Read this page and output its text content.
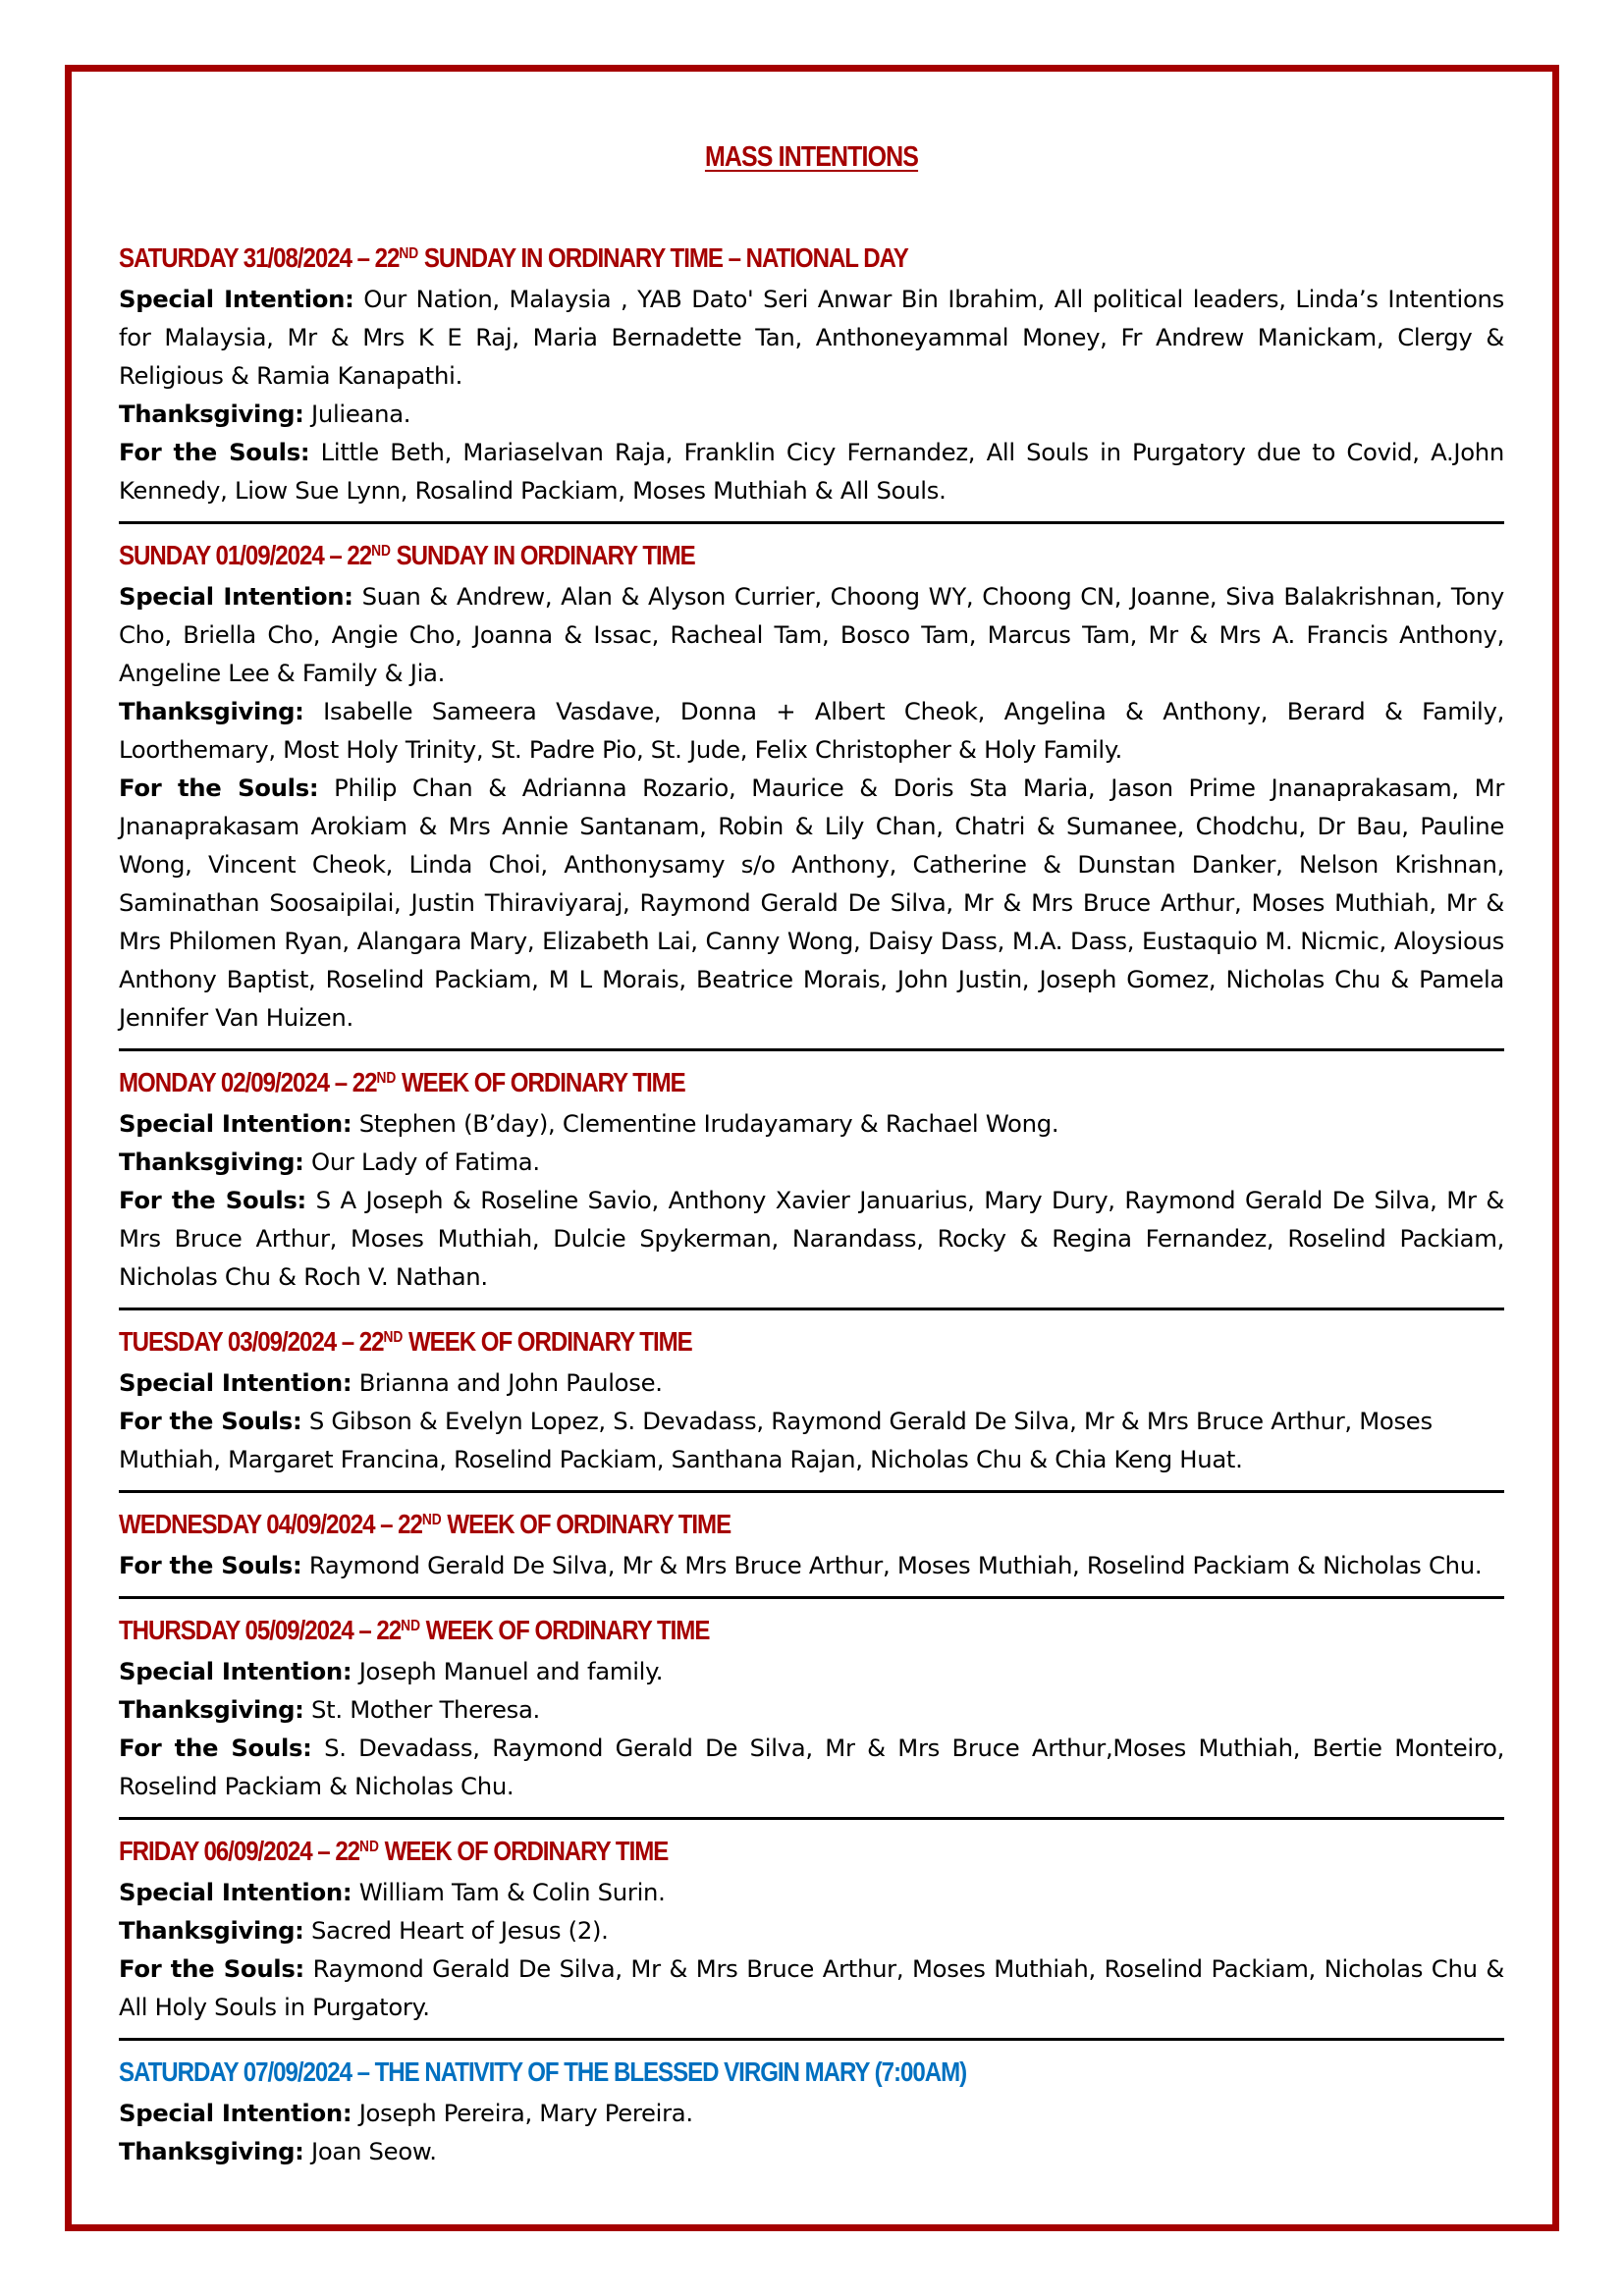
MASS INTENTIONS
SATURDAY 31/08/2024 – 22ND SUNDAY IN ORDINARY TIME – NATIONAL DAY

Special Intention: Our Nation, Malaysia , YAB Dato' Seri Anwar Bin Ibrahim, All political leaders, Linda’s Intentions for Malaysia, Mr & Mrs K E Raj, Maria Bernadette Tan, Anthoneyammal Money, Fr Andrew Manickam, Clergy & Religious & Ramia Kanapathi.

Thanksgiving: Julieana.

For the Souls: Little Beth, Mariaselvan Raja, Franklin Cicy Fernandez, All Souls in Purgatory due to Covid, A.John Kennedy, Liow Sue Lynn, Rosalind Packiam, Moses Muthiah & All Souls.

SUNDAY 01/09/2024 – 22ND SUNDAY IN ORDINARY TIME

Special Intention: Suan & Andrew, Alan & Alyson Currier, Choong WY, Choong CN, Joanne, Siva Balakrishnan, Tony Cho, Briella Cho, Angie Cho, Joanna & Issac, Racheal Tam, Bosco Tam, Marcus Tam, Mr & Mrs A. Francis Anthony, Angeline Lee & Family & Jia.

Thanksgiving: Isabelle Sameera Vasdave, Donna + Albert Cheok, Angelina & Anthony, Berard & Family, Loorthemary, Most Holy Trinity, St. Padre Pio, St. Jude, Felix Christopher & Holy Family.

For the Souls: Philip Chan & Adrianna Rozario, Maurice & Doris Sta Maria, Jason Prime Jnanaprakasam, Mr Jnanaprakasam Arokiam & Mrs Annie Santanam, Robin & Lily Chan, Chatri & Sumanee, Chodchu, Dr Bau, Pauline Wong, Vincent Cheok, Linda Choi, Anthonysamy s/o Anthony, Catherine & Dunstan Danker, Nelson Krishnan, Saminathan Soosaipilai, Justin Thiraviyaraj, Raymond Gerald De Silva, Mr & Mrs Bruce Arthur, Moses Muthiah, Mr & Mrs Philomen Ryan, Alangara Mary, Elizabeth Lai, Canny Wong, Daisy Dass, M.A. Dass, Eustaquio M. Nicmic, Aloysious Anthony Baptist, Roselind Packiam, M L Morais, Beatrice Morais, John Justin, Joseph Gomez, Nicholas Chu & Pamela Jennifer Van Huizen.

MONDAY 02/09/2024 – 22ND WEEK OF ORDINARY TIME

Special Intention: Stephen (B’day), Clementine Irudayamary & Rachael Wong.

Thanksgiving: Our Lady of Fatima.

For the Souls: S A Joseph & Roseline Savio, Anthony Xavier Januarius, Mary Dury, Raymond Gerald De Silva, Mr & Mrs Bruce Arthur, Moses Muthiah, Dulcie Spykerman, Narandass, Rocky & Regina Fernandez, Roselind Packiam, Nicholas Chu & Roch V. Nathan.

TUESDAY 03/09/2024 – 22ND WEEK OF ORDINARY TIME

Special Intention: Brianna and John Paulose.

For the Souls: S Gibson & Evelyn Lopez, S. Devadass, Raymond Gerald De Silva, Mr & Mrs Bruce Arthur, Moses Muthiah, Margaret Francina, Roselind Packiam, Santhana Rajan, Nicholas Chu & Chia Keng Huat.

WEDNESDAY 04/09/2024 – 22ND WEEK OF ORDINARY TIME

For the Souls: Raymond Gerald De Silva, Mr & Mrs Bruce Arthur, Moses Muthiah, Roselind Packiam & Nicholas Chu.

THURSDAY 05/09/2024 – 22ND WEEK OF ORDINARY TIME

Special Intention: Joseph Manuel and family.

Thanksgiving: St. Mother Theresa.

For the Souls: S. Devadass, Raymond Gerald De Silva, Mr & Mrs Bruce Arthur,Moses Muthiah, Bertie Monteiro, Roselind Packiam & Nicholas Chu.

FRIDAY 06/09/2024 – 22ND WEEK OF ORDINARY TIME

Special Intention: William Tam & Colin Surin.

Thanksgiving: Sacred Heart of Jesus (2).

For the Souls: Raymond Gerald De Silva, Mr & Mrs Bruce Arthur, Moses Muthiah, Roselind Packiam, Nicholas Chu & All Holy Souls in Purgatory.

SATURDAY 07/09/2024 – THE NATIVITY OF THE BLESSED VIRGIN MARY (7:00AM)

Special Intention: Joseph Pereira, Mary Pereira.

Thanksgiving: Joan Seow.
